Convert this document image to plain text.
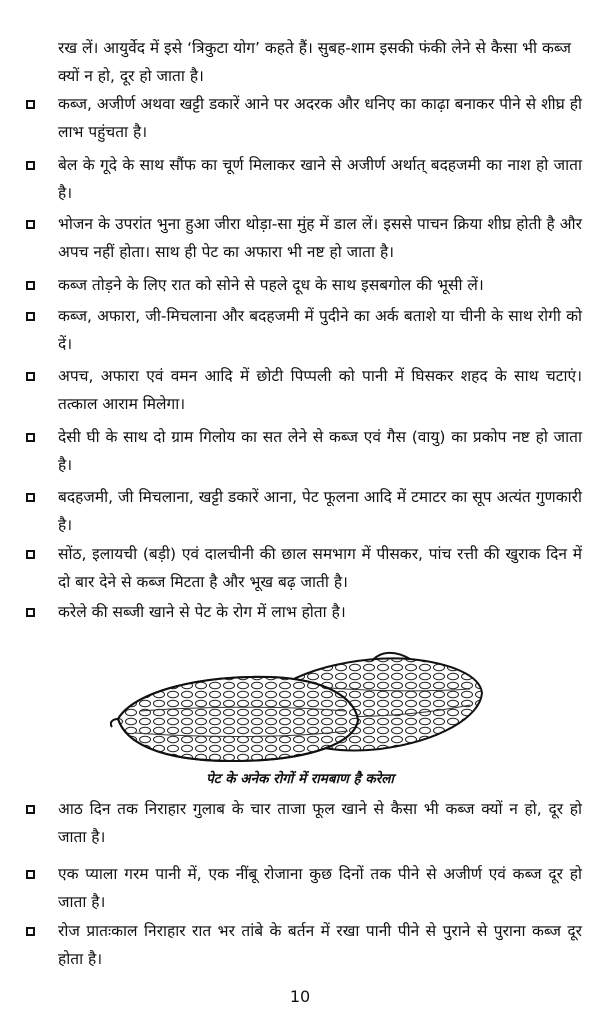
रख लें। आयुर्वेद में इसे ‘त्रिकुटा योग’ कहते हैं। सुबह-शाम इसकी फंकी लेने से कैसा भी कब्ज क्यों न हो, दूर हो जाता है।
कब्ज, अजीर्ण अथवा खट्टी डकारें आने पर अदरक और धनिए का काढ़ा बनाकर पीने से शीघ्र ही लाभ पहुंचता है।
बेल के गूदे के साथ सौंफ का चूर्ण मिलाकर खाने से अजीर्ण अर्थात् बदहजमी का नाश हो जाता है।
भोजन के उपरांत भुना हुआ जीरा थोड़ा-सा मुंह में डाल लें। इससे पाचन क्रिया शीघ्र होती है और अपच नहीं होता। साथ ही पेट का अफारा भी नष्ट हो जाता है।
कब्ज तोड़ने के लिए रात को सोने से पहले दूध के साथ इसबगोल की भूसी लें।
कब्ज, अफारा, जी-मिचलाना और बदहजमी में पुदीने का अर्क बताशे या चीनी के साथ रोगी को दें।
अपच, अफारा एवं वमन आदि में छोटी पिप्पली को पानी में घिसकर शहद के साथ चटाएं। तत्काल आराम मिलेगा।
देसी घी के साथ दो ग्राम गिलोय का सत लेने से कब्ज एवं गैस (वायु) का प्रकोप नष्ट हो जाता है।
बदहजमी, जी मिचलाना, खट्टी डकारें आना, पेट फूलना आदि में टमाटर का सूप अत्यंत गुणकारी है।
सोंठ, इलायची (बड़ी) एवं दालचीनी की छाल समभाग में पीसकर, पांच रत्ती की खुराक दिन में दो बार देने से कब्ज मिटता है और भूख बढ़ जाती है।
करेले की सब्जी खाने से पेट के रोग में लाभ होता है।
पेट के अनेक रोगों में रामबाण है करेला
आठ दिन तक निराहार गुलाब के चार ताजा फूल खाने से कैसा भी कब्ज क्यों न हो, दूर हो जाता है।
एक प्याला गरम पानी में, एक नींबू रोजाना कुछ दिनों तक पीने से अजीर्ण एवं कब्ज दूर हो जाता है।
रोज प्रातःकाल निराहार रात भर तांबे के बर्तन में रखा पानी पीने से पुराने से पुराना कब्ज दूर होता है।
10
